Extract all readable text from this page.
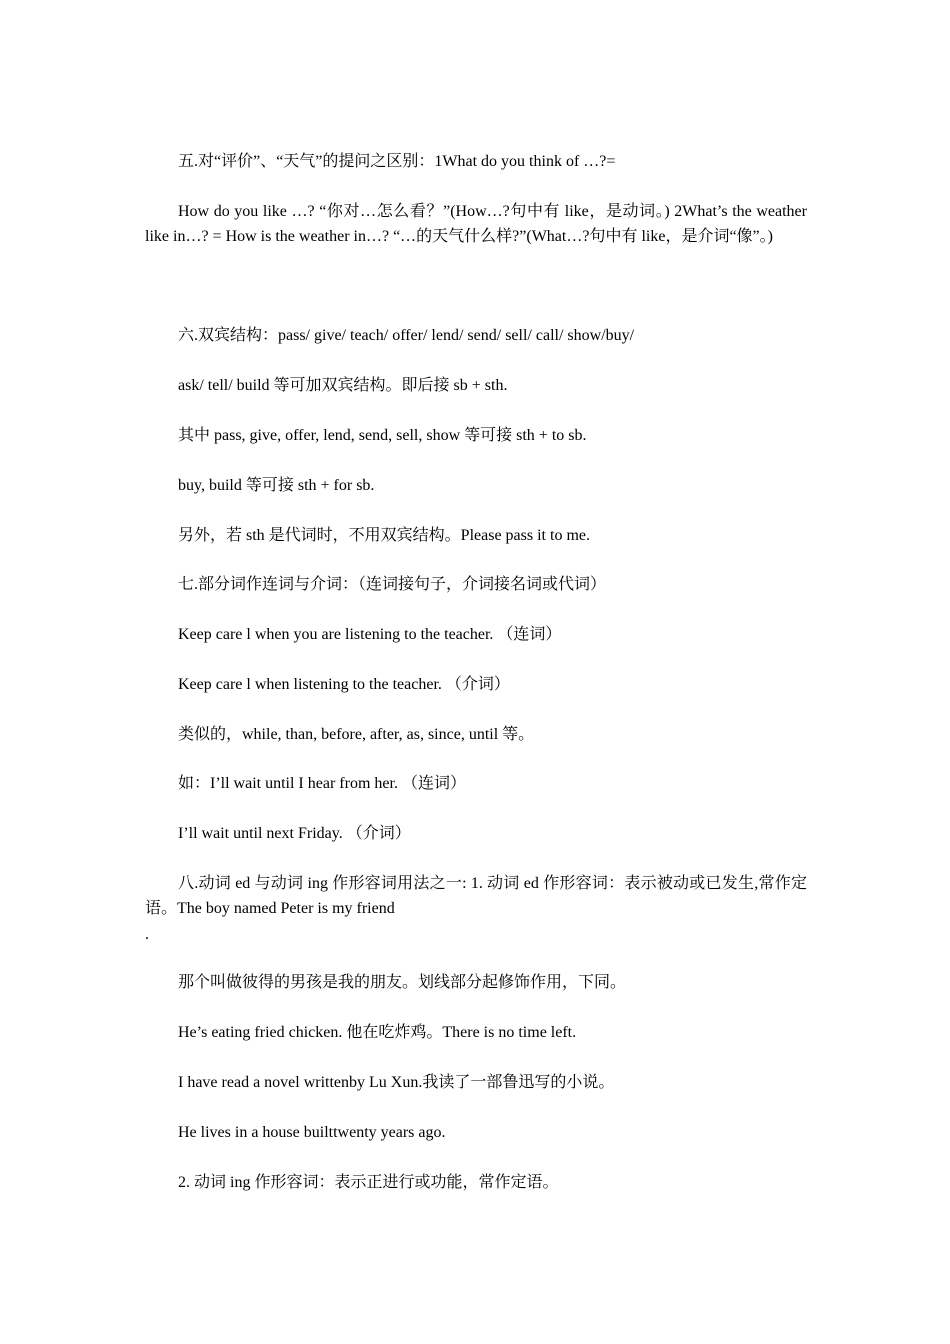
五.对“评价”、“天气”的提问之区别：1What do you think of …?=
How do you like …? “你对…怎么看？”(How…?句中有 like，是动词。) 2What’s the weather like in…? = How is the weather in…? “…的天气什么样?”(What…?句中有 like，是介词“像”。)
六.双宾结构：pass/ give/ teach/ offer/ lend/ send/ sell/ call/ show/buy/
ask/ tell/ build 等可加双宾结构。即后接 sb + sth.
其中 pass, give, offer, lend, send, sell, show 等可接 sth + to sb.
buy, build 等可接 sth + for sb.
另外，若 sth 是代词时，不用双宾结构。Please pass it to me.
七.部分词作连词与介词：（连词接句子，介词接名词或代词）
Keep care l when you are listening to the teacher. （连词）
Keep care l when listening to the teacher. （介词）
类似的，while, than, before, after, as, since, until 等。
如：I’ll wait until I hear from her. （连词）
I’ll wait until next Friday. （介词）
八.动词 ed 与动词 ing 作形容词用法之一: 1. 动词 ed 作形容词：表示被动或已发生,常作定语。The boy named Peter is my friend
.
那个叫做彼得的男孩是我的朋友。划线部分起修饰作用，下同。
He’s eating fried chicken. 他在吃炸鸡。There is no time left.
I have read a novel writtenby Lu Xun.我读了一部鲁迅写的小说。
He lives in a house builttwenty years ago.
2. 动词 ing 作形容词：表示正进行或功能，常作定语。
